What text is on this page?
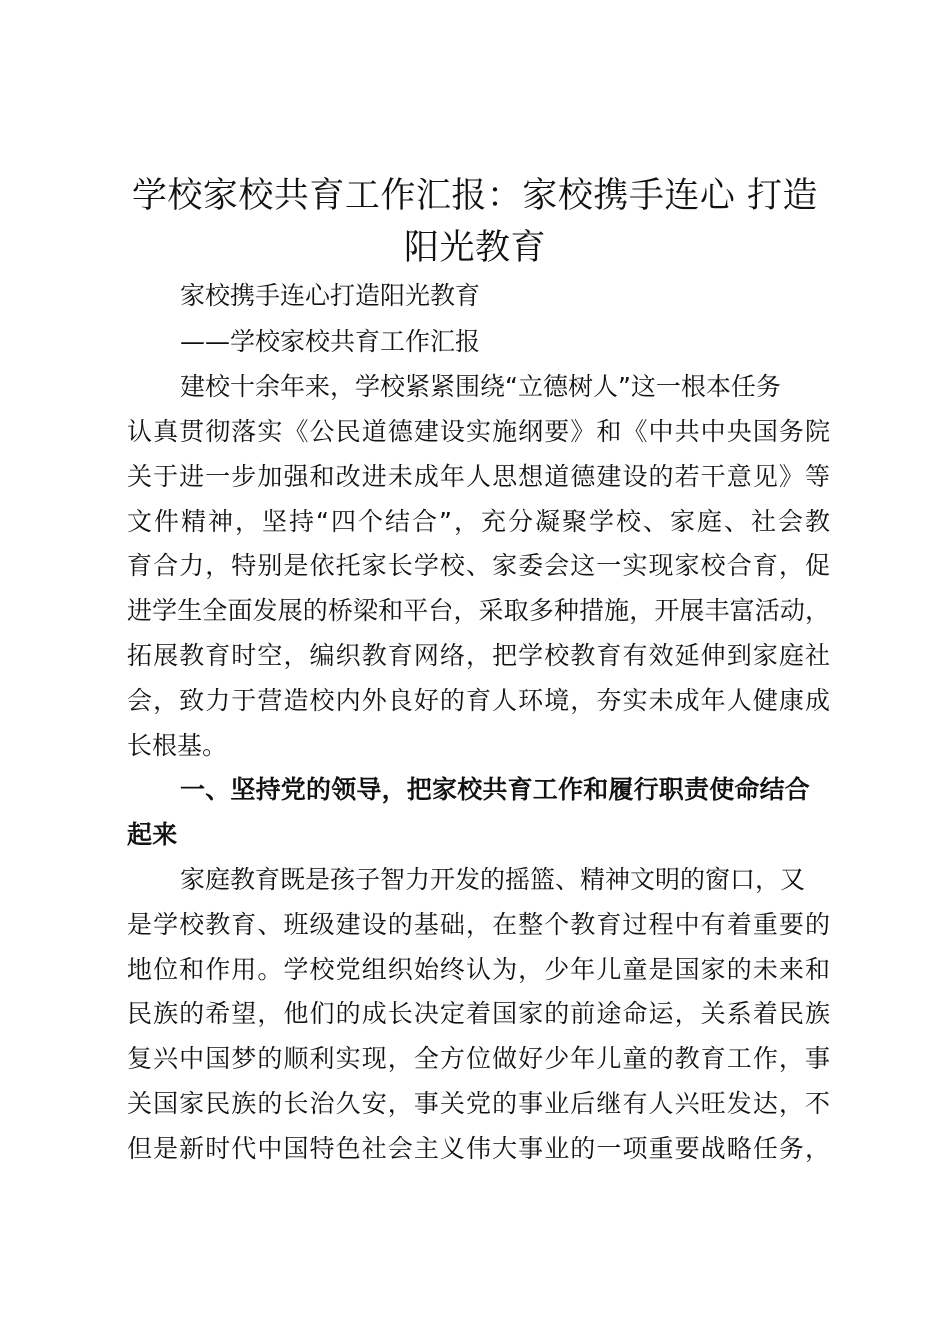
学校家校共育工作汇报：家校携手连心 打造
阳光教育

家校携手连心打造阳光教育

——学校家校共育工作汇报

建校十余年来，学校紧紧围绕“立德树人”这一根本任务

认真贯彻落实《公民道德建设实施纲要》和《中共中央国务院

关于进一步加强和改进未成年人思想道德建设的若干意见》等

文件精神，坚持“四个结合”，充分凝聚学校、家庭、社会教

育合力，特别是依托家长学校、家委会这一实现家校合育，促

进学生全面发展的桥梁和平台，采取多种措施，开展丰富活动，

拓展教育时空，编织教育网络，把学校教育有效延伸到家庭社

会，致力于营造校内外良好的育人环境，夯实未成年人健康成

长根基。

一、坚持党的领导，把家校共育工作和履行职责使命结合

起来

家庭教育既是孩子智力开发的摇篮、精神文明的窗口，又

是学校教育、班级建设的基础，在整个教育过程中有着重要的

地位和作用。学校党组织始终认为，少年儿童是国家的未来和

民族的希望，他们的成长决定着国家的前途命运，关系着民族

复兴中国梦的顺利实现，全方位做好少年儿童的教育工作，事

关国家民族的长治久安，事关党的事业后继有人兴旺发达，不

但是新时代中国特色社会主义伟大事业的一项重要战略任务，
